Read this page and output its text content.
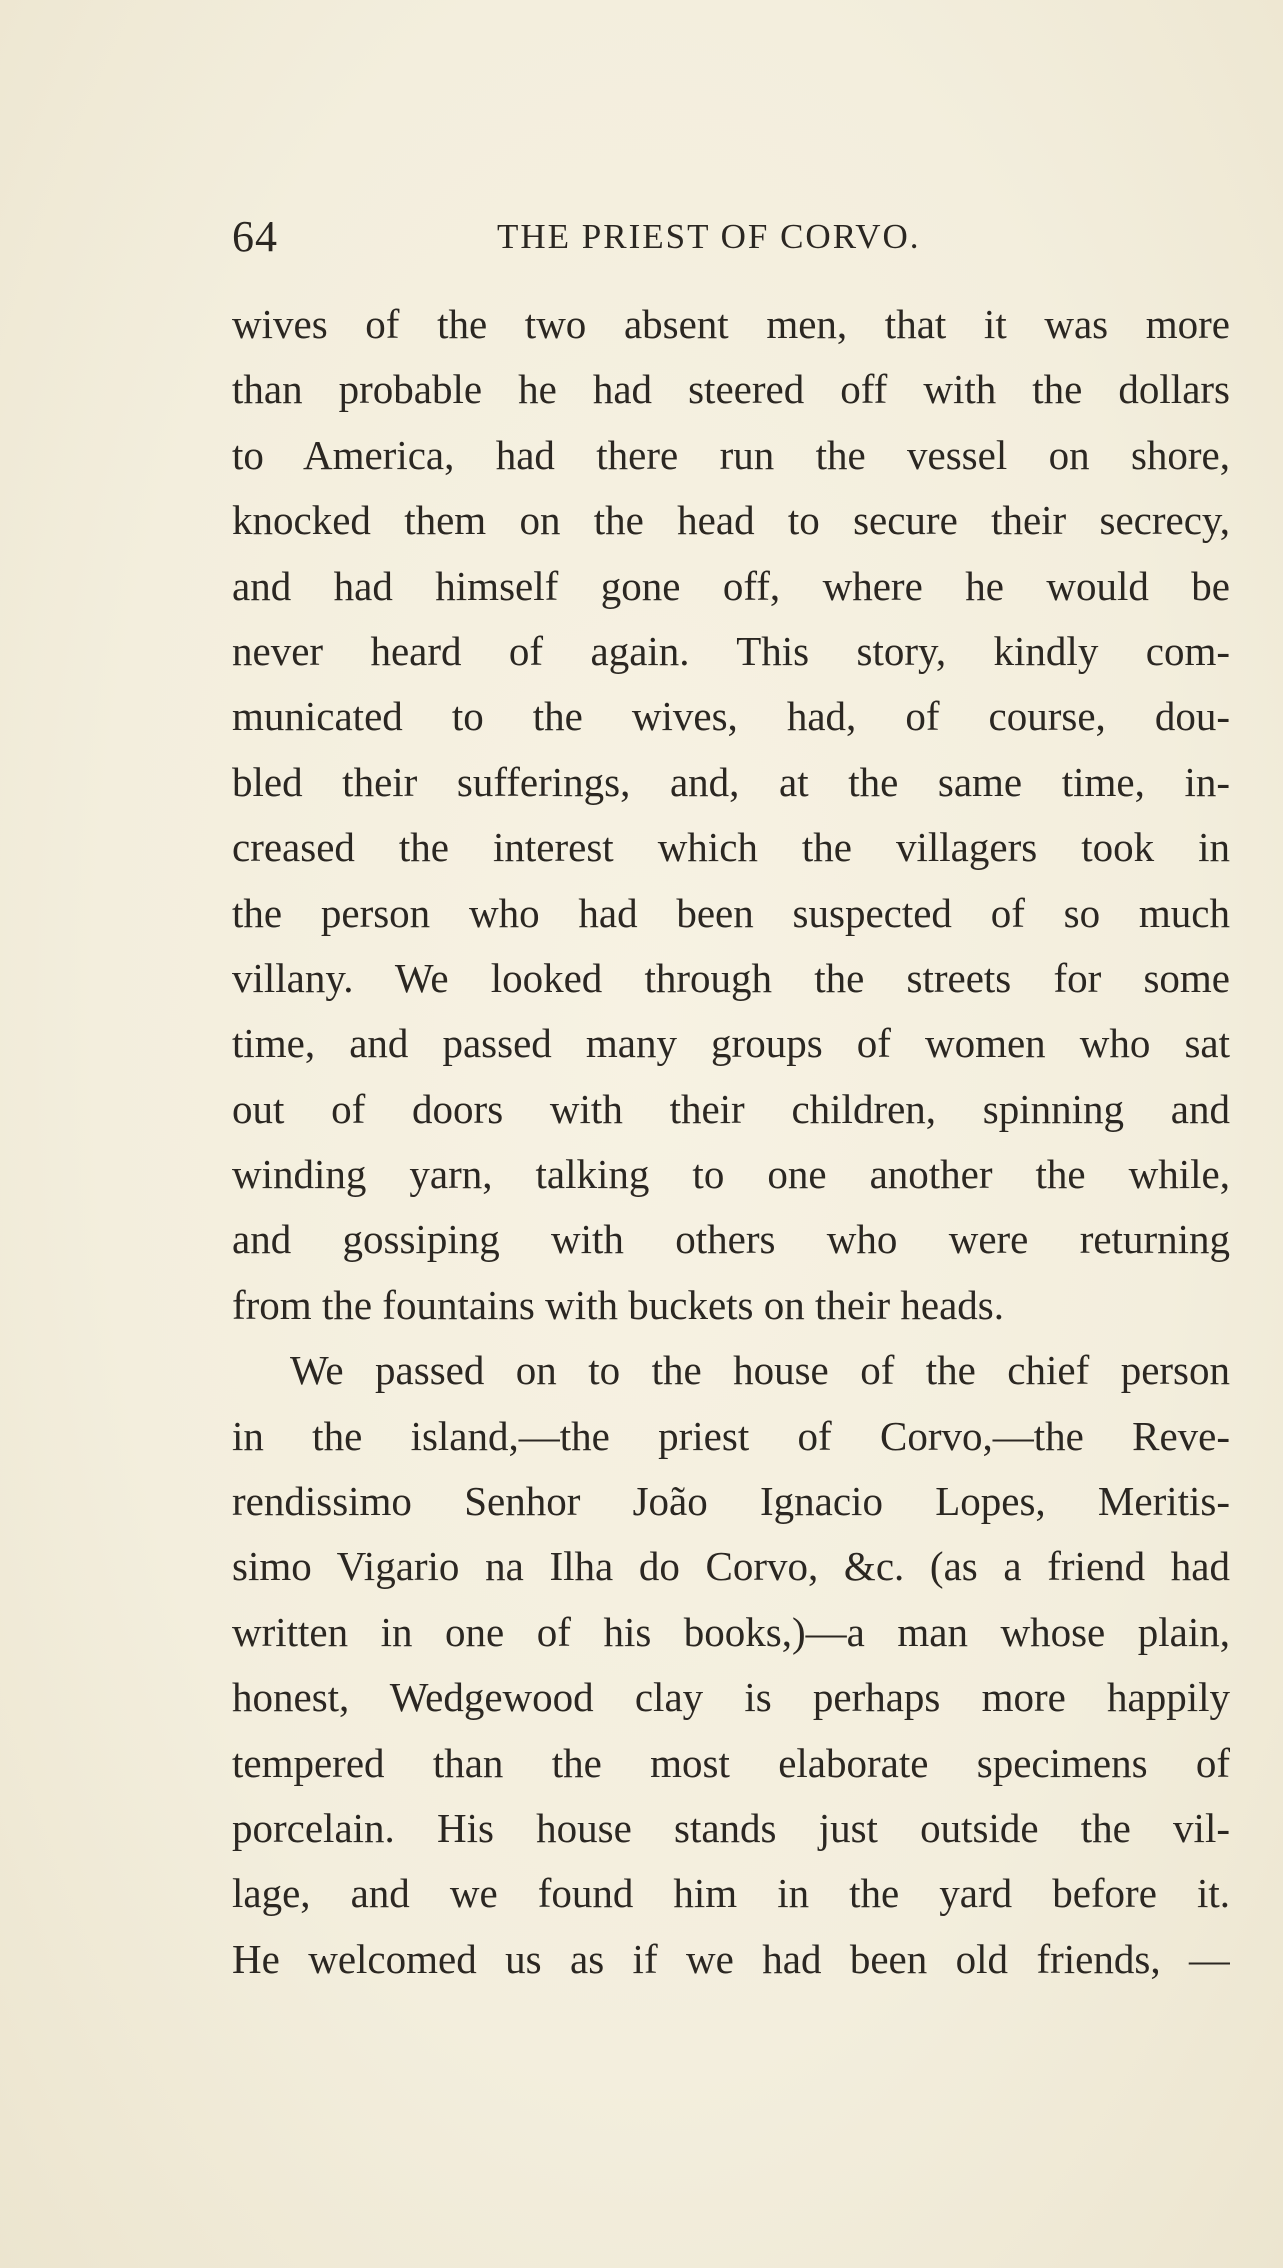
64	THE PRIEST OF CORVO.
wives of the two absent men, that it was more
than probable he had steered off with the dollars
to America, had there run the vessel on shore,
knocked them on the head to secure their secrecy,
and had himself gone off, where he would be
never heard of again. This story, kindly com-
municated to the wives, had, of course, dou-
bled their sufferings, and, at the same time, in-
creased the interest which the villagers took in
the person who had been suspected of so much
villany. We looked through the streets for some
time, and passed many groups of women who sat
out of doors with their children, spinning and
winding yarn, talking to one another the while,
and gossiping with others who were returning
from the fountains with buckets on their heads.
We passed on to the house of the chief person
in the island,—the priest of Corvo,—the Reve-
rendissimo Senhor João Ignacio Lopes, Meritis-
simo Vigario na Ilha do Corvo, &c. (as a friend had
written in one of his books,)—a man whose plain,
honest, Wedgewood clay is perhaps more happily
tempered than the most elaborate specimens of
porcelain. His house stands just outside the vil-
lage, and we found him in the yard before it.
He welcomed us as if we had been old friends, —
